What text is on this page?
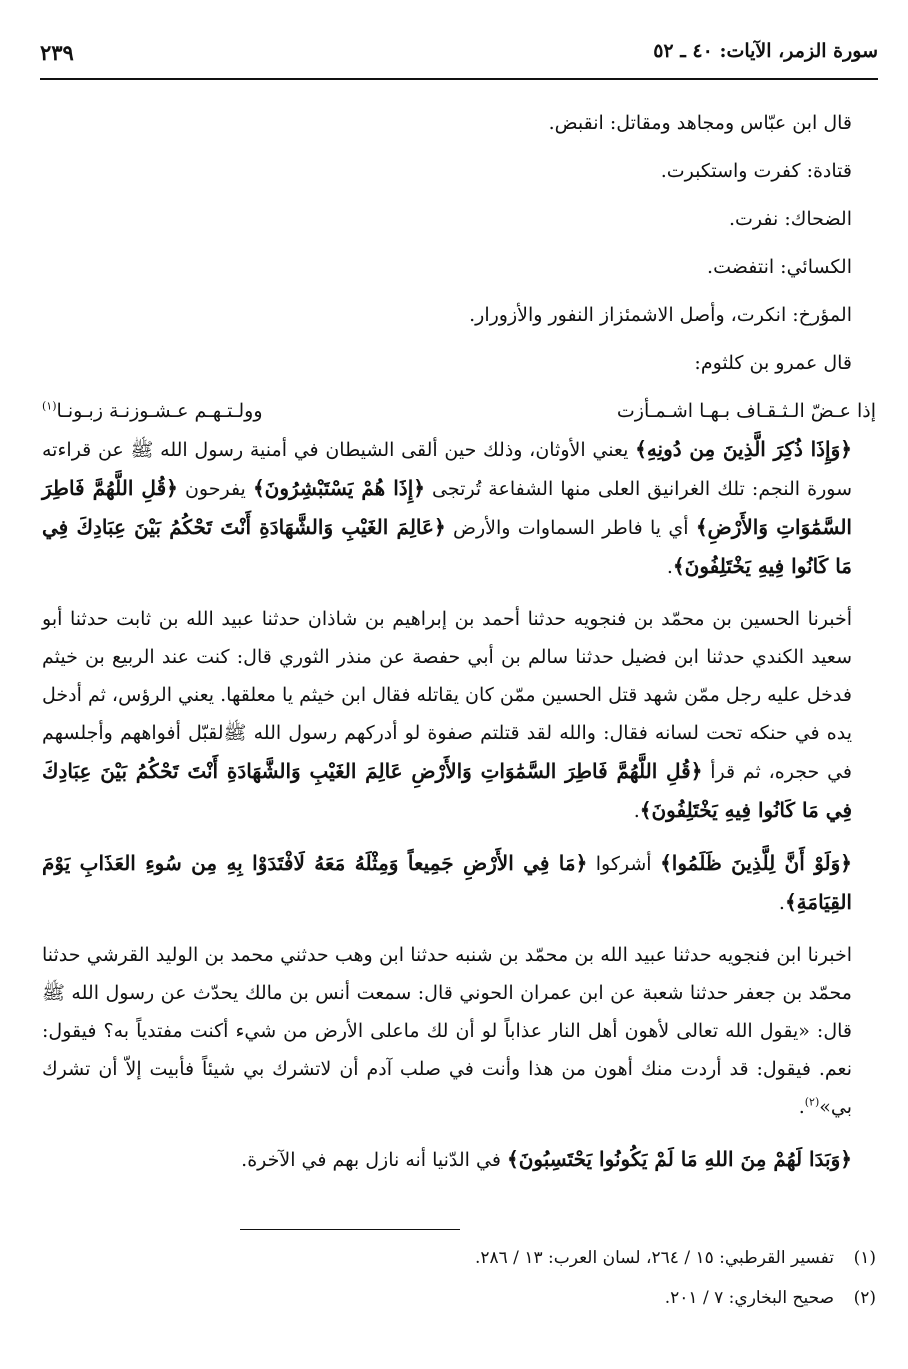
سورة الزمر، الآيات: ٤٠ ـ ٥٢
٢٣٩

قال ابن عبّاس ومجاهد ومقاتل: انقبض.

قتادة: كفرت واستكبرت.

الضحاك: نفرت.

الكسائي: انتفضت.

المؤرخ: انكرت، وأصل الاشمئزاز النفور والأزورار.

قال عمرو بن كلثوم:

إذا عـضّ الـثـقـاف بـهـا اشـمـأزت
وولـتـهـم عـشـوزنـة زبـونـا$^{(١)}$

﴿وَإِذَا ذُكِرَ الَّذِينَ مِن دُونِهِ﴾ يعني الأوثان، وذلك حين ألقى الشيطان في أمنية رسول الله ﷺ عن قراءته سورة النجم: تلك الغرانيق العلى منها الشفاعة تُرتجى ﴿إِذَا هُمْ يَسْتَبْشِرُونَ﴾ يفرحون ﴿قُلِ اللَّهُمَّ فَاطِرَ السَّمَٰوَاتِ وَالأَرْضِ﴾ أي يا فاطر السماوات والأرض ﴿عَالِمَ الغَيْبِ وَالشَّهَادَةِ أَنْتَ تَحْكُمُ بَيْنَ عِبَادِكَ فِي مَا كَانُوا فِيهِ يَخْتَلِفُونَ﴾.

أخبرنا الحسين بن محمّد بن فنجويه حدثنا أحمد بن إبراهيم بن شاذان حدثنا عبيد الله بن ثابت حدثنا أبو سعيد الكندي حدثنا ابن فضيل حدثنا سالم بن أبي حفصة عن منذر الثوري قال: كنت عند الربيع بن خيثم فدخل عليه رجل ممّن شهد قتل الحسين ممّن كان يقاتله فقال ابن خيثم يا معلقها. يعني الرؤس، ثم أدخل يده في حنكه تحت لسانه فقال: والله لقد قتلتم صفوة لو أدركهم رسول الله ﷺلقبّل أفواههم وأجلسهم في حجره، ثم قرأ ﴿قُلِ اللَّهُمَّ فَاطِرَ السَّمَٰوَاتِ وَالأَرْضِ عَالِمَ الغَيْبِ وَالشَّهَادَةِ أَنْتَ تَحْكُمُ بَيْنَ عِبَادِكَ فِي مَا كَانُوا فِيهِ يَخْتَلِفُونَ﴾.

﴿وَلَوْ أَنَّ لِلَّذِينَ ظَلَمُوا﴾ أشركوا ﴿مَا فِي الأَرْضِ جَمِيعاً وَمِثْلَهُ مَعَهُ لَافْتَدَوْا بِهِ مِن سُوءِ العَذَابِ يَوْمَ القِيَامَةِ﴾.

اخبرنا ابن فنجويه حدثنا عبيد الله بن محمّد بن شنبه حدثنا ابن وهب حدثني محمد بن الوليد القرشي حدثنا محمّد بن جعفر حدثنا شعبة عن ابن عمران الحوني قال: سمعت أنس بن مالك يحدّث عن رسول الله ﷺ قال: «يقول الله تعالى لأهون أهل النار عذاباً لو أن لك ماعلى الأرض من شيء أكنت مفتدياً به؟ فيقول: نعم. فيقول: قد أردت منك أهون من هذا وأنت في صلب آدم أن لاتشرك بي شيئاً فأبيت إلاّ أن تشرك بي»$^{(٢)}$.

﴿وَبَدَا لَهُمْ مِنَ اللهِ مَا لَمْ يَكُونُوا يَحْتَسِبُونَ﴾ في الدّنيا أنه نازل بهم في الآخرة.

(١)تفسير القرطبي: ١٥ / ٢٦٤، لسان العرب: ١٣ / ٢٨٦.

(٢)صحيح البخاري: ٧ / ٢٠١.
